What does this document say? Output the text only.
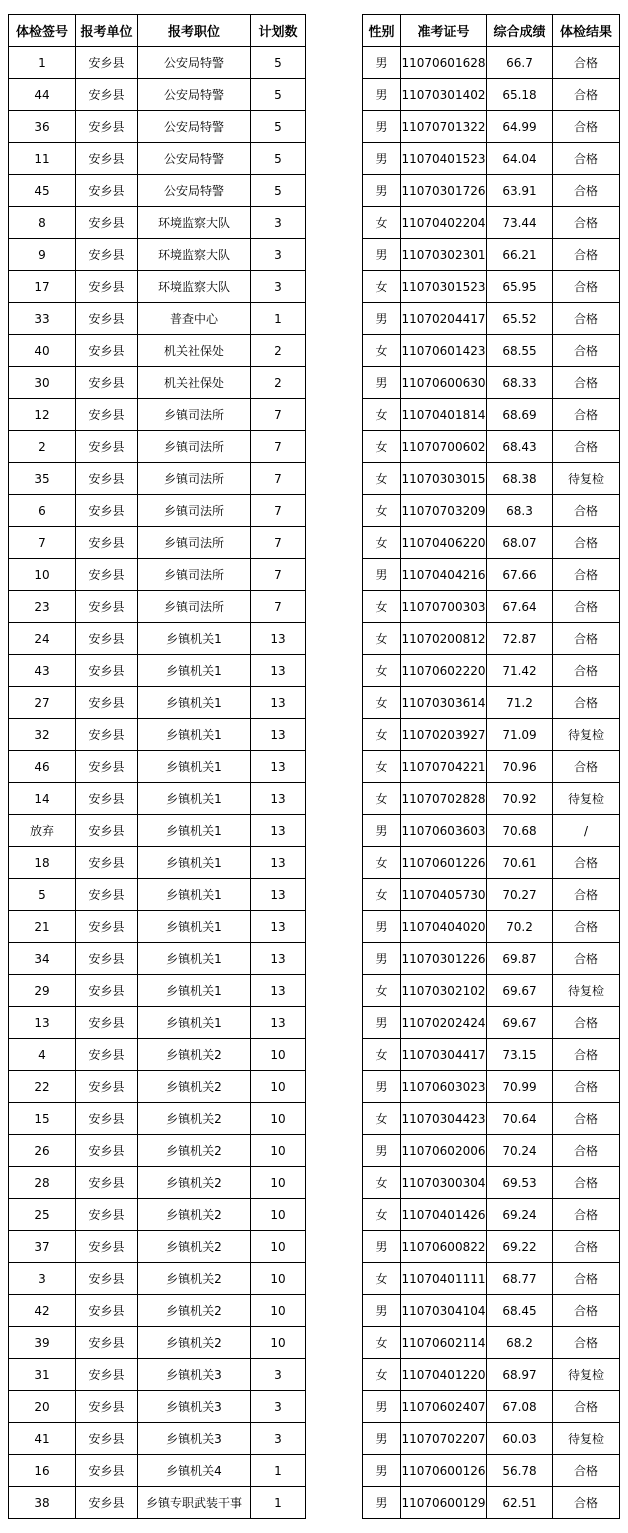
体检签号	报考单位	报考职位	计划数
1	安乡县	公安局特警	5
44	安乡县	公安局特警	5
36	安乡县	公安局特警	5
11	安乡县	公安局特警	5
45	安乡县	公安局特警	5
8	安乡县	环境监察大队	3
9	安乡县	环境监察大队	3
17	安乡县	环境监察大队	3
33	安乡县	普查中心	1
40	安乡县	机关社保处	2
30	安乡县	机关社保处	2
12	安乡县	乡镇司法所	7
2	安乡县	乡镇司法所	7
35	安乡县	乡镇司法所	7
6	安乡县	乡镇司法所	7
7	安乡县	乡镇司法所	7
10	安乡县	乡镇司法所	7
23	安乡县	乡镇司法所	7
24	安乡县	乡镇机关1	13
43	安乡县	乡镇机关1	13
27	安乡县	乡镇机关1	13
32	安乡县	乡镇机关1	13
46	安乡县	乡镇机关1	13
14	安乡县	乡镇机关1	13
放弃	安乡县	乡镇机关1	13
18	安乡县	乡镇机关1	13
5	安乡县	乡镇机关1	13
21	安乡县	乡镇机关1	13
34	安乡县	乡镇机关1	13
29	安乡县	乡镇机关1	13
13	安乡县	乡镇机关1	13
4	安乡县	乡镇机关2	10
22	安乡县	乡镇机关2	10
15	安乡县	乡镇机关2	10
26	安乡县	乡镇机关2	10
28	安乡县	乡镇机关2	10
25	安乡县	乡镇机关2	10
37	安乡县	乡镇机关2	10
3	安乡县	乡镇机关2	10
42	安乡县	乡镇机关2	10
39	安乡县	乡镇机关2	10
31	安乡县	乡镇机关3	3
20	安乡县	乡镇机关3	3
41	安乡县	乡镇机关3	3
16	安乡县	乡镇机关4	1
38	安乡县	乡镇专职武装干事	1
性别	准考证号	综合成绩	体检结果
男	11070601628	66.7	合格
男	11070301402	65.18	合格
男	11070701322	64.99	合格
男	11070401523	64.04	合格
男	11070301726	63.91	合格
女	11070402204	73.44	合格
男	11070302301	66.21	合格
女	11070301523	65.95	合格
男	11070204417	65.52	合格
女	11070601423	68.55	合格
男	11070600630	68.33	合格
女	11070401814	68.69	合格
女	11070700602	68.43	合格
女	11070303015	68.38	待复检
女	11070703209	68.3	合格
女	11070406220	68.07	合格
男	11070404216	67.66	合格
女	11070700303	67.64	合格
女	11070200812	72.87	合格
女	11070602220	71.42	合格
女	11070303614	71.2	合格
女	11070203927	71.09	待复检
女	11070704221	70.96	合格
女	11070702828	70.92	待复检
男	11070603603	70.68	/
女	11070601226	70.61	合格
女	11070405730	70.27	合格
男	11070404020	70.2	合格
男	11070301226	69.87	合格
女	11070302102	69.67	待复检
男	11070202424	69.67	合格
女	11070304417	73.15	合格
男	11070603023	70.99	合格
女	11070304423	70.64	合格
男	11070602006	70.24	合格
女	11070300304	69.53	合格
女	11070401426	69.24	合格
男	11070600822	69.22	合格
女	11070401111	68.77	合格
男	11070304104	68.45	合格
女	11070602114	68.2	合格
女	11070401220	68.97	待复检
男	11070602407	67.08	合格
男	11070702207	60.03	待复检
男	11070600126	56.78	合格
男	11070600129	62.51	合格
